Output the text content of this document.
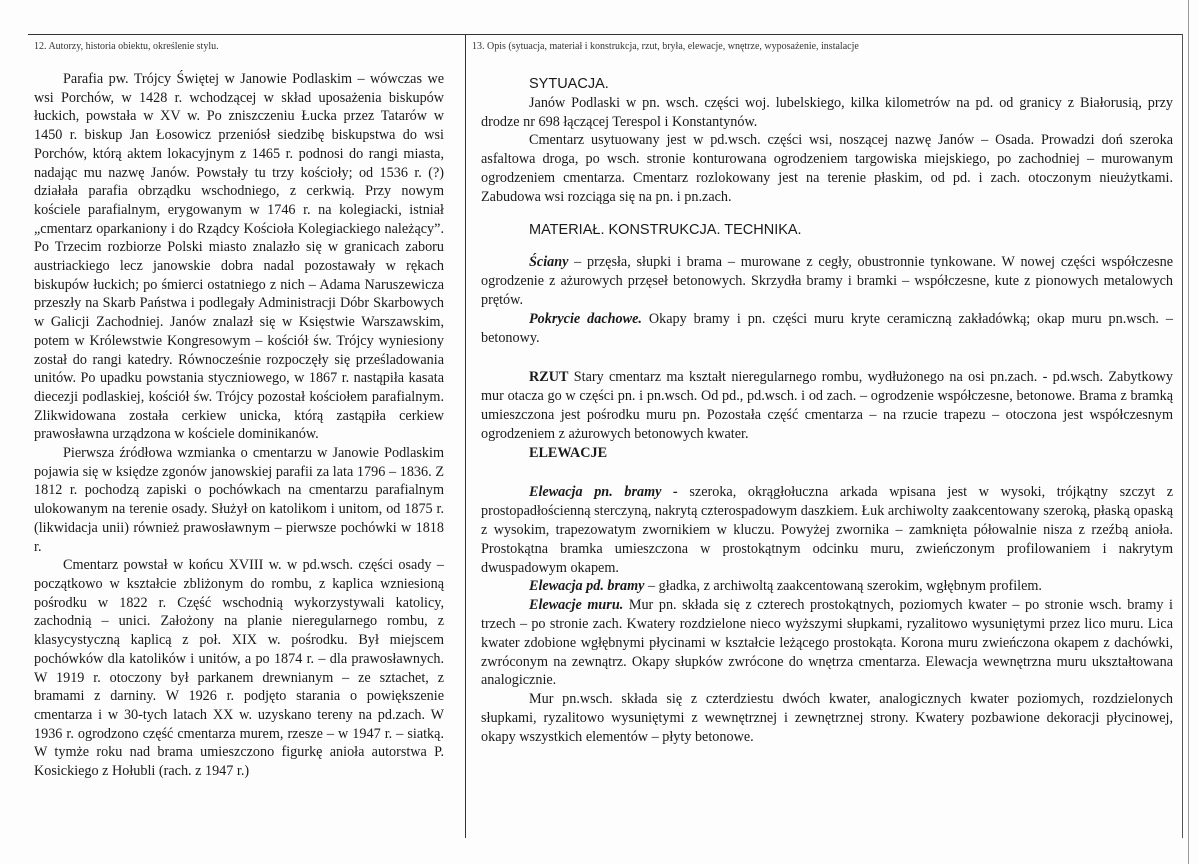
12. Autorzy, historia obiektu, określenie stylu.	13. Opis (sytuacja, materiał i konstrukcja, rzut, bryła, elewacje, wnętrze, wyposażenie, instalacje

Parafia pw. Trójcy Świętej w Janowie Podlaskim – wówczas we wsi Porchów, w 1428 r. wchodzącej w skład uposażenia biskupów łuckich, powstała w XV w. Po zniszczeniu Łucka przez Tatarów w 1450 r. biskup Jan Łosowicz przeniósł siedzibę biskupstwa do wsi Porchów, którą aktem lokacyjnym z 1465 r. podnosi do rangi miasta, nadając mu nazwę Janów. Powstały tu trzy kościoły; od 1536 r. (?) działała parafia obrządku wschodniego, z cerkwią. Przy nowym kościele parafialnym, erygowanym w 1746 r. na kolegiacki, istniał „cmentarz oparkaniony i do Rządcy Kościoła Kolegiackiego należący”. Po Trzecim rozbiorze Polski miasto znalazło się w granicach zaboru austriackiego lecz janowskie dobra nadal pozostawały w rękach biskupów łuckich; po śmierci ostatniego z nich – Adama Naruszewicza przeszły na Skarb Państwa i podlegały Administracji Dóbr Skarbowych w Galicji Zachodniej. Janów znalazł się w Księstwie Warszawskim, potem w Królewstwie Kongresowym – kościół św. Trójcy wyniesiony został do rangi katedry. Równocześnie rozpoczęły się prześladowania unitów. Po upadku powstania styczniowego, w 1867 r. nastąpiła kasata diecezji podlaskiej, kościół św. Trójcy pozostał kościołem parafialnym. Zlikwidowana została cerkiew unicka, którą zastąpiła cerkiew prawosławna urządzona w kościele dominikanów.

Pierwsza źródłowa wzmianka o cmentarzu w Janowie Podlaskim pojawia się w księdze zgonów janowskiej parafii za lata 1796 – 1836. Z 1812 r. pochodzą zapiski o pochówkach na cmentarzu parafialnym ulokowanym na terenie osady. Służył on katolikom i unitom, od 1875 r. (likwidacja unii) również prawosławnym – pierwsze pochówki w 1818 r.

Cmentarz powstał w końcu XVIII w. w pd.wsch. części osady – początkowo w kształcie zbliżonym do rombu, z kaplica wzniesioną pośrodku w 1822 r. Część wschodnią wykorzystywali katolicy, zachodnią – unici. Założony na planie nieregularnego rombu, z klasycystyczną kaplicą z poł. XIX w. pośrodku. Był miejscem pochówków dla katolików i unitów, a po 1874 r. – dla prawosławnych. W 1919 r. otoczony był parkanem drewnianym – ze sztachet, z bramami z darniny. W 1926 r. podjęto starania o powiększenie cmentarza i w 30-tych latach XX w. uzyskano tereny na pd.zach. W 1936 r. ogrodzono część cmentarza murem, rzesze – w 1947 r. – siatką. W tymże roku nad brama umieszczono figurkę anioła autorstwa P. Kosickiego z Hołubli (rach. z 1947 r.)

SYTUACJA.

Janów Podlaski w pn. wsch. części woj. lubelskiego, kilka kilometrów na pd. od granicy z Białorusią, przy drodze nr 698 łączącej Terespol i Konstantynów.

Cmentarz usytuowany jest w pd.wsch. części wsi, noszącej nazwę Janów – Osada. Prowadzi doń szeroka asfaltowa droga, po wsch. stronie konturowana ogrodzeniem targowiska miejskiego, po zachodniej – murowanym ogrodzeniem cmentarza. Cmentarz rozlokowany jest na terenie płaskim, od pd. i zach. otoczonym nieużytkami. Zabudowa wsi rozciąga się na pn. i pn.zach.

MATERIAŁ. KONSTRUKCJA. TECHNIKA.

Ściany – przęsła, słupki i brama – murowane z cegły, obustronnie tynkowane. W nowej części współczesne ogrodzenie z ażurowych przęseł betonowych. Skrzydła bramy i bramki – współczesne, kute z pionowych metalowych prętów.

Pokrycie dachowe. Okapy bramy i pn. części muru kryte ceramiczną zakładówką; okap muru pn.wsch. – betonowy.

RZUT Stary cmentarz ma kształt nieregularnego rombu, wydłużonego na osi pn.zach. - pd.wsch. Zabytkowy mur otacza go w części pn. i pn.wsch. Od pd., pd.wsch. i od zach. – ogrodzenie współczesne, betonowe. Brama z bramką umieszczona jest pośrodku muru pn. Pozostała część cmentarza – na rzucie trapezu – otoczona jest współczesnym ogrodzeniem z ażurowych betonowych kwater.

ELEWACJE

Elewacja pn. bramy - szeroka, okrągłołuczna arkada wpisana jest w wysoki, trójkątny szczyt z prostopadłościenną sterczyną, nakrytą czterospadowym daszkiem. Łuk archiwolty zaakcentowany szeroką, płaską opaską z wysokim, trapezowatym zwornikiem w kluczu. Powyżej zwornika – zamknięta półowalnie nisza z rzeźbą anioła. Prostokątna bramka umieszczona w prostokątnym odcinku muru, zwieńczonym profilowaniem i nakrytym dwuspadowym okapem.

Elewacja pd. bramy – gładka, z archiwoltą zaakcentowaną szerokim, wgłębnym profilem.

Elewacje muru. Mur pn. składa się z czterech prostokątnych, poziomych kwater – po stronie wsch. bramy i trzech – po stronie zach. Kwatery rozdzielone nieco wyższymi słupkami, ryzalitowo wysuniętymi przez lico muru. Lica kwater zdobione wgłębnymi płycinami w kształcie leżącego prostokąta. Korona muru zwieńczona okapem z dachówki, zwróconym na zewnątrz. Okapy słupków zwrócone do wnętrza cmentarza. Elewacja wewnętrzna muru ukształtowana analogicznie.

Mur pn.wsch. składa się z czterdziestu dwóch kwater, analogicznych kwater poziomych, rozdzielonych słupkami, ryzalitowo wysuniętymi z wewnętrznej i zewnętrznej strony. Kwatery pozbawione dekoracji płycinowej, okapy wszystkich elementów – płyty betonowe.
